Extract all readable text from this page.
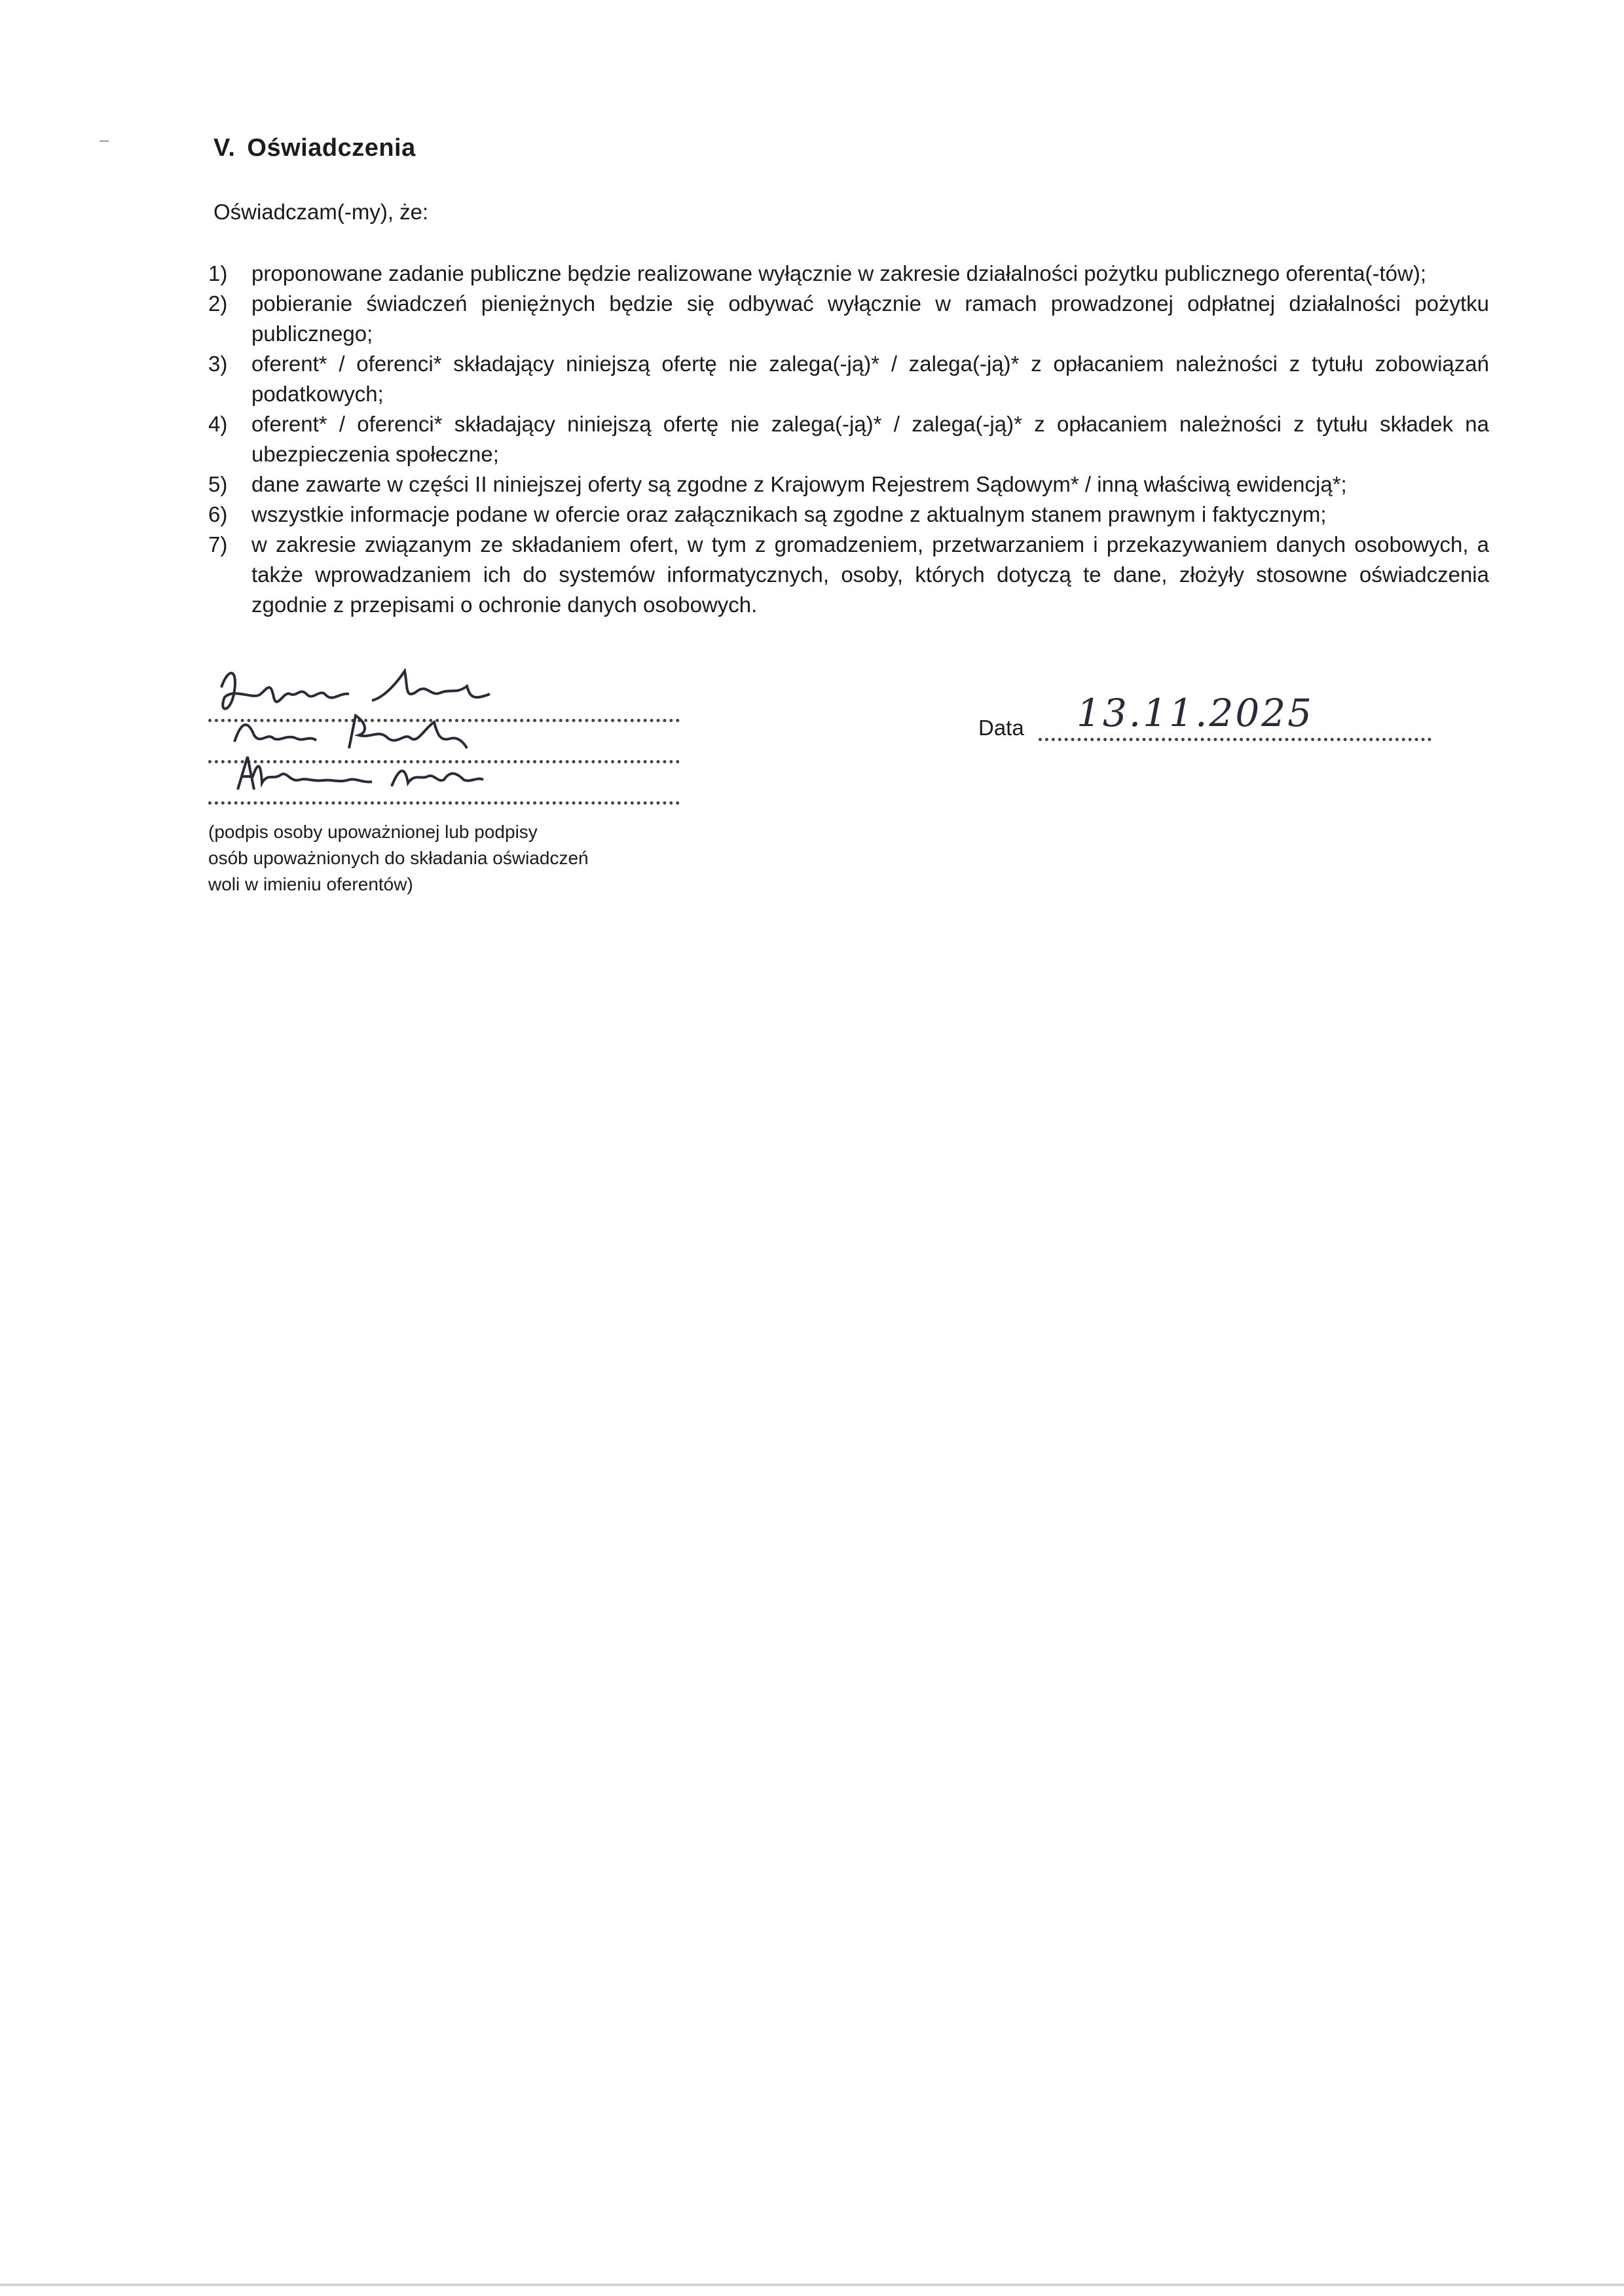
V. Oświadczenia
Oświadczam(-my), że:
1) proponowane zadanie publiczne będzie realizowane wyłącznie w zakresie działalności pożytku publicznego oferenta(-tów);
2) pobieranie świadczeń pieniężnych będzie się odbywać wyłącznie w ramach prowadzonej odpłatnej działalności pożytku publicznego;
3) oferent* / oferenci* składający niniejszą ofertę nie zalega(-ją)* / zalega(-ją)* z opłacaniem należności z tytułu zobowiązań podatkowych;
4) oferent* / oferenci* składający niniejszą ofertę nie zalega(-ją)* / zalega(-ją)* z opłacaniem należności z tytułu składek na ubezpieczenia społeczne;
5) dane zawarte w części II niniejszej oferty są zgodne z Krajowym Rejestrem Sądowym* / inną właściwą ewidencją*;
6) wszystkie informacje podane w ofercie oraz załącznikach są zgodne z aktualnym stanem prawnym i faktycznym;
7) w zakresie związanym ze składaniem ofert, w tym z gromadzeniem, przetwarzaniem i przekazywaniem danych osobowych, a także wprowadzaniem ich do systemów informatycznych, osoby, których dotyczą te dane, złożyły stosowne oświadczenia zgodnie z przepisami o ochronie danych osobowych.
(podpis osoby upoważnionej lub podpisy
osób upoważnionych do składania oświadczeń
woli w imieniu oferentów)
Data 13.11.2025
